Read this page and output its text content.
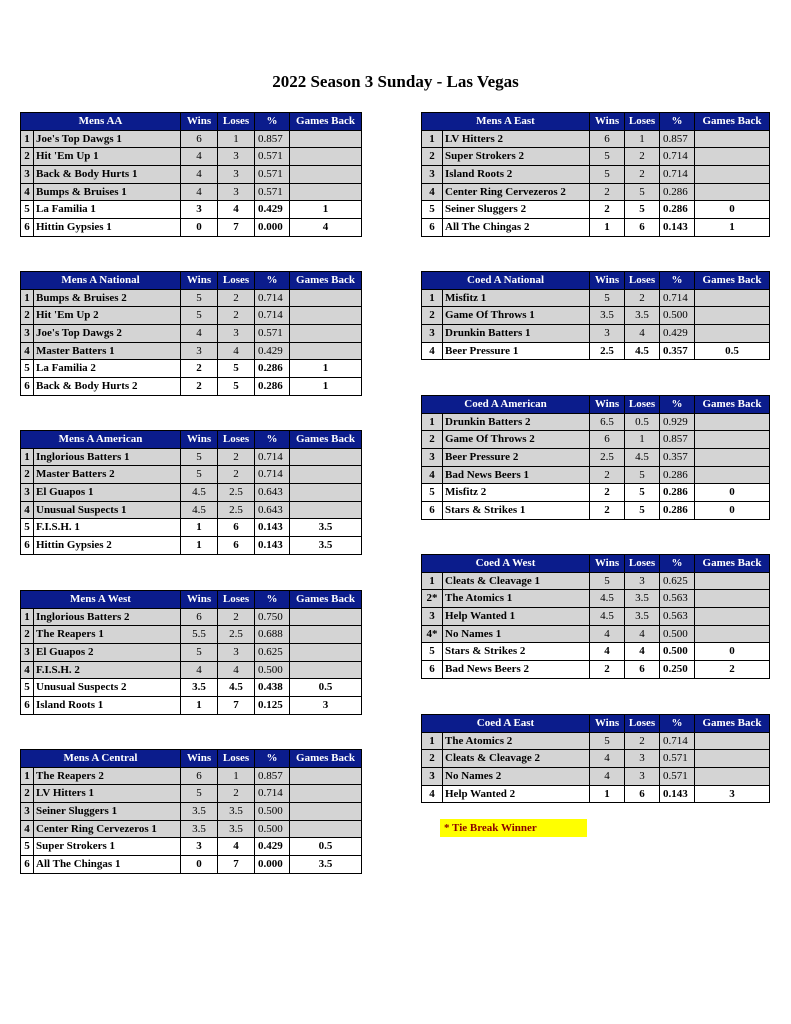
2022 Season 3 Sunday - Las Vegas
Mens AA		Wins	Loses	%	Games Back
1	Joe's Top Dawgs 1	6	1	0.857	
2	Hit 'Em Up 1	4	3	0.571	
3	Back & Body Hurts 1	4	3	0.571	
4	Bumps & Bruises 1	4	3	0.571	
5	La Familia 1	3	4	0.429	1
6	Hittin Gypsies 1	0	7	0.000	4
Mens A National		Wins	Loses	%	Games Back
1	Bumps & Bruises 2	5	2	0.714	
2	Hit 'Em Up 2	5	2	0.714	
3	Joe's Top Dawgs 2	4	3	0.571	
4	Master Batters 1	3	4	0.429	
5	La Familia 2	2	5	0.286	1
6	Back & Body Hurts 2	2	5	0.286	1
Mens A American		Wins	Loses	%	Games Back
1	Inglorious Batters 1	5	2	0.714	
2	Master Batters 2	5	2	0.714	
3	El Guapos 1	4.5	2.5	0.643	
4	Unusual Suspects 1	4.5	2.5	0.643	
5	F.I.S.H. 1	1	6	0.143	3.5
6	Hittin Gypsies 2	1	6	0.143	3.5
Mens A West		Wins	Loses	%	Games Back
1	Inglorious Batters 2	6	2	0.750	
2	The Reapers 1	5.5	2.5	0.688	
3	El Guapos 2	5	3	0.625	
4	F.I.S.H. 2	4	4	0.500	
5	Unusual Suspects 2	3.5	4.5	0.438	0.5
6	Island Roots 1	1	7	0.125	3
Mens A Central		Wins	Loses	%	Games Back
1	The Reapers 2	6	1	0.857	
2	LV Hitters 1	5	2	0.714	
3	Seiner Sluggers 1	3.5	3.5	0.500	
4	Center Ring Cervezeros 1	3.5	3.5	0.500	
5	Super Strokers 1	3	4	0.429	0.5
6	All The Chingas 1	0	7	0.000	3.5
Mens A East		Wins	Loses	%	Games Back
1	LV Hitters 2	6	1	0.857	
2	Super Strokers 2	5	2	0.714	
3	Island Roots 2	5	2	0.714	
4	Center Ring Cervezeros 2	2	5	0.286	
5	Seiner Sluggers 2	2	5	0.286	0
6	All The Chingas 2	1	6	0.143	1
Coed A National		Wins	Loses	%	Games Back
1	Misfitz 1	5	2	0.714	
2	Game Of Throws 1	3.5	3.5	0.500	
3	Drunkin Batters 1	3	4	0.429	
4	Beer Pressure 1	2.5	4.5	0.357	0.5
Coed A American		Wins	Loses	%	Games Back
1	Drunkin Batters 2	6.5	0.5	0.929	
2	Game Of Throws 2	6	1	0.857	
3	Beer Pressure 2	2.5	4.5	0.357	
4	Bad News Beers 1	2	5	0.286	
5	Misfitz 2	2	5	0.286	0
6	Stars & Strikes 1	2	5	0.286	0
Coed A West		Wins	Loses	%	Games Back
1	Cleats & Cleavage 1	5	3	0.625	
2*	The Atomics 1	4.5	3.5	0.563	
3	Help Wanted 1	4.5	3.5	0.563	
4*	No Names 1	4	4	0.500	
5	Stars & Strikes 2	4	4	0.500	0
6	Bad News Beers 2	2	6	0.250	2
Coed A East		Wins	Loses	%	Games Back
1	The Atomics 2	5	2	0.714	
2	Cleats & Cleavage 2	4	3	0.571	
3	No Names 2	4	3	0.571	
4	Help Wanted 2	1	6	0.143	3
* Tie Break Winner
